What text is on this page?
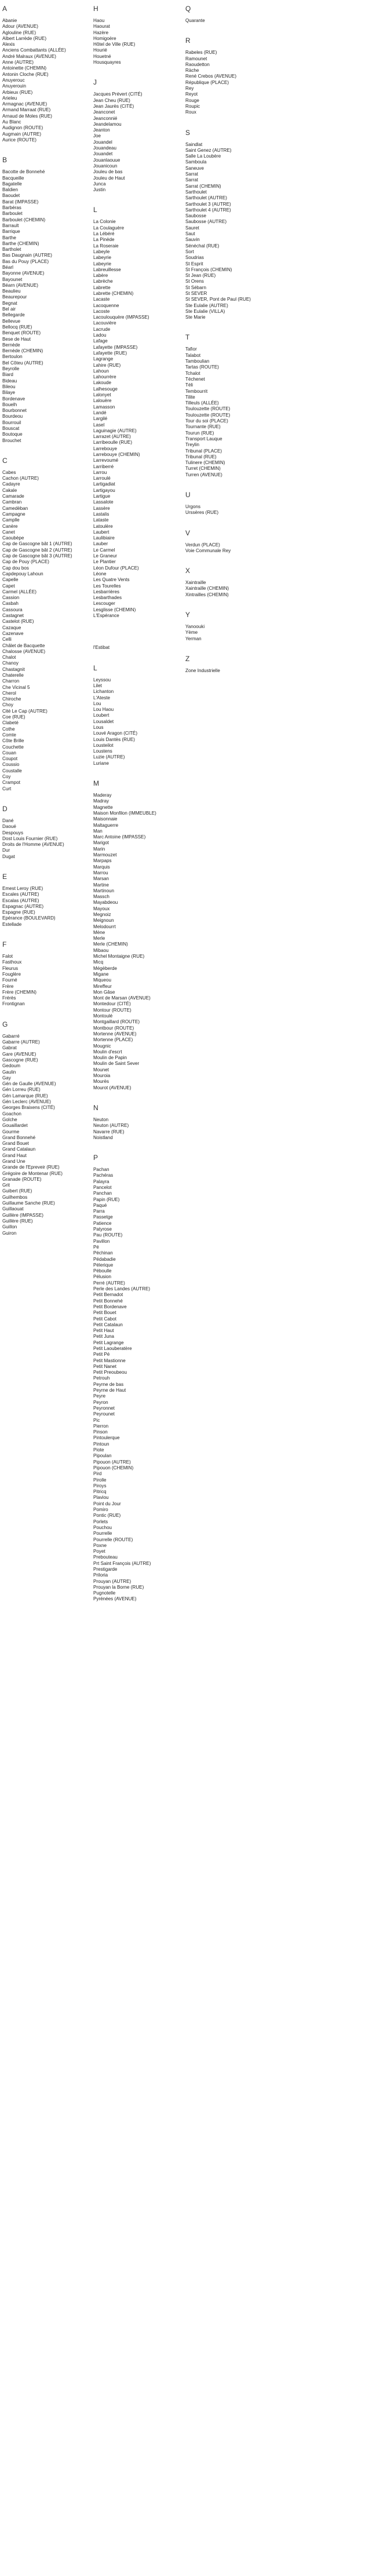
A
Abanie
Adour (AVENUE)
Aglouline (RUE)
Albert Larrède (RUE)
Alexis
Anciens Combattants (ALLÉE)
André Malraux (AVENUE)
Anne (AUTRE)
Antoinette (CHEMIN)
Antonin Cloche (RUE)
Anuyerouc
Anuyerouin
Arbieux (RUE)
Arieleu
Armagnac (AVENUE)
Armand Marraat (RUE)
Arnaud de Moles (RUE)
Au Blanc
Audignon (ROUTE)
Augmain (AUTRE)
Aurice (ROUTE)
B
Bacotte de Bonnehé
Bacqueille
Bagatelle
Baldien
Baoudet
Barat (IMPASSE)
Barbéras
Barboulet
Barboulet (CHEMIN)
Barrault
Barrique
Barthe
Barthe (CHEMIN)
Bartholet
Bas Daugnain (AUTRE)
Bas du Pouy (PLACE)
Béarl
Bayonne (AVENUE)
Bayounet
Béarn (AVENUE)
Beaulieu
Beaurepour
Begnat
Bel air
Bellegarde
Bellevue
Bellocq (RUE)
Benquet (ROUTE)
Bese de Haut
Bernède
Bernède (CHEMIN)
Bertoulon
Bel Côteu (AUTRE)
Beyrolle
Biard
Bideau
Bileou
Bilaye
Bordenave
Bouelh
Bourbonnet
Bourdeou
Bourrouil
Bouscat
Boutoque
Brouchet
C
Cabes
Cachon (AUTRE)
Cadayre
Cakale
Camarade
Cambran
Camedèban
Campagne
Camplle
Canère
Canet
Caoubèpe
Cap de Gascogne bât 1 (AUTRE)
Cap de Gascogne bât 2 (AUTRE)
Cap de Gascogne bât 3 (AUTRE)
Cap de Pouy (PLACE)
Cap dou bos
Capdepouy Lahoun
Capelle
Capet
Carmel (ALLÉE)
Cassion
Casbah
Cassoura
Castagnet
Castelot (RUE)
Cazaque
Cazenave
Celli
Châlet de Bacquette
Chalosse (AVENUE)
Chalot
Chanoy
Chastagnit
Chaterelle
Charron
Che Vicinal 5
Cherol
Chiroche
Choy
Cité Le Cap (AUTRE)
Coe (RUE)
Clabeté
Cothe
Comte
Côte Brille
Couchette
Couan
Coupot
Coussio
Coustalle
Coy
Crampot
Curt
D
Dané
Daoué
Despouys
Dost Louis Fournier (RUE)
Droits de l'Homme (AVENUE)
Dur
Dugat
E
Emest Leroy (RUE)
Escales (AUTRE)
Escalas (AUTRE)
Espagnac (AUTRE)
Espagne (RUE)
Epérance (BOULEVARD)
Estellade
F
Falot
Fasthoux
Fleurus
Fouglère
Fourné
Frère
Frère (CHEMIN)
Frérès
Frontignan
G
Gabarré
Gabarre (AUTRE)
Gabrat
Gare (AVENUE)
Gascogne (RUE)
Gedoum
Gaulin
Gay
Gén de Gaulle (AVENUE)
Gén Lorreu (RUE)
Gén Lamarque (RUE)
Gén Leclerc (AVENUE)
Georges Braixens (CITÉ)
Goachon
Golche
Gouaillardet
Gourme
Grand Bonnehé
Grand Bouet
Grand Catalaun
Grand Haut
Grand Une
Grande de l'Epreveir (RUE)
Grégoire de Montenar (RUE)
Granade (ROUTE)
Grit
Guibert (RUE)
Guilhembos
Guillaume Sanche (RUE)
Guillaouat
Guillère (IMPASSE)
Guillère (RUE)
Guillon
Guiron
H
Haou
Haourat
Hazère
Homigoère
Hôtel de Ville (RUE)
Hourié
Houetné
Housquayres
J
Jacques Prévert (CITÉ)
Jean Cheu (RUE)
Jean Jaurès (CITÉ)
Jeanconet
Jeanconnié
Jeandelamou
Jeanton
Joe
Jouandel
Jouandeau
Jouandet
Jouanlaouue
Jouanicoun
Jouleu de bas
Jouleu de Haut
Junca
Justin
L
La Colonie
La Coulaguère
La Lébéré
La Pinède
La Roseraie
Labeyle
Labeyrie
Labeyrie
Labreuillesse
Labère
Labrèche
Labrette
Labrette (CHEMIN)
Lacaste
Lacoquenne
Lacoste
Lacoulouquère (IMPASSE)
Lacouvière
Lacrude
Ladou
Lafage
Lafayette (IMPASSE)
Lafayette (RUE)
Lagrange
Lahire (RUE)
Lahoun
Lahourrère
Lakoude
Lalhesouge
Lalonyet
Lalouère
Lamasson
Landé
Largilé
Lasel
Laguinagie (AUTRE)
Larrazet (AUTRE)
Larribeoulle (RUE)
Larrebouye
Larrebouye (CHEMIN)
Larrevoumé
Larriberré
Larrou
Larroulé
Lartigadiat
Lartigayou
Lartigue
Lassalote
Lassère
Lastalis
Lataste
Latoulère
Laubert
Laulibiaire
Lauber
Le Carmel
Le Graneur
Le Plantier
Léon Dufour (PLACE)
Léone
Les Quatre Vents
Les Tourelles
Lesbarrières
Lesbarthades
Lescouger
Lesglisse (CHEMIN)
L'Espérance
l'Estibat
L
Leyssou
Lilet
Lichanton
L'Ateste
Lou
Lou Haou
Loubert
Lousaldet
Lous
Louvé Aragon (CITÉ)
Louis Dantès (RUE)
Lousteilot
Loustens
Luzie (AUTRE)
Luriane
M
Maderay
Madray
Magnette
Maison Monfilon (IMMEUBLE)
Maisonnaie
Maltaguerre
Man
Marc Antoine (IMPASSE)
Marigot
Marin
Marmouzet
Marpaps
Marquis
Marrou
Marsan
Martine
Martinoun
Massch
Mayabdeou
Mayoux
Megnoiz
Meignoun
Melodourrt
Mène
Merle
Merle (CHEMIN)
Mibaou
Michel Montaigne (RUE)
Micq
Mégèberde
Migane
Miqueou
Mireffeur
Mon Gâse
Mont de Marsan (AVENUE)
Montedour (CITÉ)
Montour (ROUTE)
Montoulé
Montgaillard (ROUTE)
Montbour (ROUTE)
Mortenne (AVENUE)
Mortenne (PLACE)
Mougnic
Moulin d'escrt
Moulin de Papin
Moulin de Saint Sever
Mounet
Mouroia
Mourès
Mourot (AVENUE)
N
Neuton
Neuton (AUTRE)
Navarre (RUE)
Noistland
P
Pachan
Pachéras
Palayra
Pancelot
Panchan
Papin (RUE)
Paqué
Parra
Passetge
Patience
Patyrose
Pau (ROUTE)
Pavillon
Pé
Péchinan
Pédabadie
Pélerique
Péboulle
Pélusion
Perré (AUTRE)
Perle des Landes (AUTRE)
Petit Bernadot
Petit Bonnehé
Petit Bordenave
Petit Bouet
Petit Cabot
Petit Catalaun
Petit Haut
Petit Juna
Petit Lagrange
Petit Laouberatère
Petit Pé
Petit Mastionne
Petit Nanet
Petit Preoubeou
Petrouh
Peyrne de bas
Peyrne de Haut
Peyre
Peyron
Peyronnet
Peyrounet
Pic
Pierron
Pinson
Pintoulerque
Pintoun
Piote
Pipoulan
Pipouon (AUTRE)
Pipouon (CHEMIN)
Pird
Pirolle
Piroys
Pitricq
Plaviou
Point du Jour
Pomiro
Pontic (RUE)
Porlets
Pouchou
Pourrelle
Pourrelle (ROUTE)
Poxne
Poyet
Prebouteau
Prt Saint François (AUTRE)
Prestigarde
Priloria
Prouyan (AUTRE)
Prouyan la Borne (RUE)
Pugnotelle
Pyrénées (AVENUE)
Q
Quarante
R
Rabeles (RUE)
Ramounet
Raoudetton
Ràche
René Crebos (AVENUE)
République (PLACE)
Rey
Reyot
Rouge
Roupic
Roux
S
Saindlat
Saint Genez (AUTRE)
Salle La Loubère
Samboula
Saneuve
Sarrat
Sarrat
Sarrat (CHEMIN)
Sarthoulet
Sarthoulet (AUTRE)
Sarthoulet 3 (AUTRE)
Sarthoulet 4 (AUTRE)
Saubosse
Saubosse (AUTRE)
Sauret
Saut
Sauvin
Sénéchal (RUE)
Sort
Soudrias
St Esprit
St François (CHEMIN)
St Jean (RUE)
St Orens
St Sébarn
St SEVER
St SEVER, Pont de Paul (RUE)
Ste Eulalie (AUTRE)
Ste Eulalie (VILLA)
Ste Marie
T
Tafior
Talabot
Tamboulian
Tartas (ROUTE)
Tchalot
Téchenet
Téli
Tembourrit
Tilite
Tilleuls (ALLÉE)
Toulouzette (ROUTE)
Toulouzette (ROUTE)
Tour du soi (PLACE)
Tournante (RUE)
Tourun (RUE)
Transport Lauque
Treylin
Tribunal (PLACE)
Tribunal (RUE)
Tulinere (CHEMIN)
Turret (CHEMIN)
Turren (AVENUE)
U
Urgons
Urssères (RUE)
V
Verdun (PLACE)
Voie Communale Rey
X
Xaintraille
Xaintraille (CHEMIN)
Xintrailles (CHEMIN)
Y
Yanoouki
Yème
Yerman
Z
Zone Industrielle
